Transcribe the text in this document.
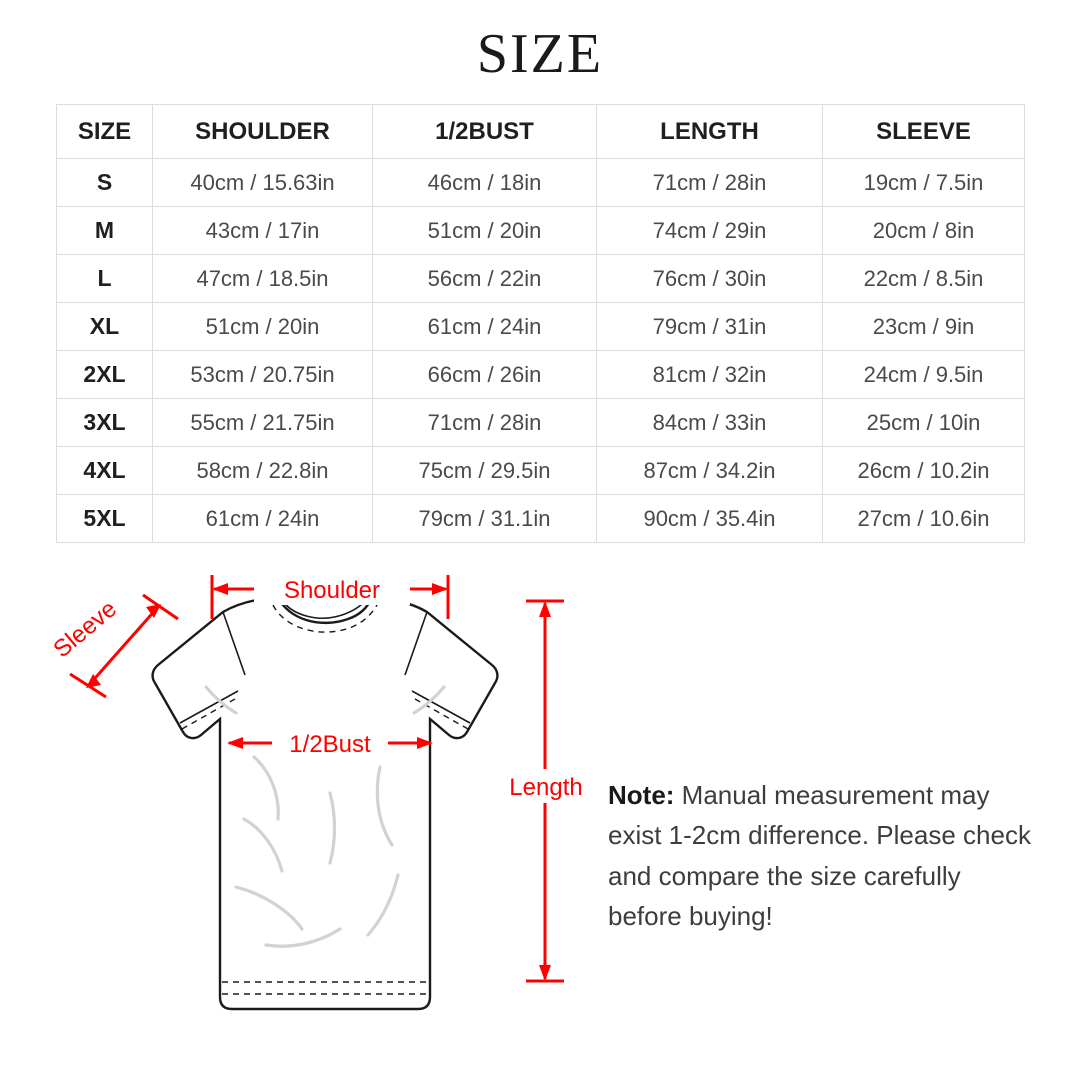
SIZE
SIZE	SHOULDER	1/2BUST	LENGTH	SLEEVE
S	40cm / 15.63in	46cm / 18in	71cm / 28in	19cm / 7.5in
M	43cm / 17in	51cm / 20in	74cm / 29in	20cm / 8in
L	47cm / 18.5in	56cm / 22in	76cm / 30in	22cm / 8.5in
XL	51cm / 20in	61cm / 24in	79cm / 31in	23cm / 9in
2XL	53cm / 20.75in	66cm / 26in	81cm / 32in	24cm / 9.5in
3XL	55cm / 21.75in	71cm / 28in	84cm / 33in	25cm / 10in
4XL	58cm / 22.8in	75cm / 29.5in	87cm / 34.2in	26cm / 10.2in
5XL	61cm / 24in	79cm / 31.1in	90cm / 35.4in	27cm / 10.6in
Shoulder
Sleeve
1/2Bust
Length Note: Manual measurement may exist 1-2cm difference. Please check and compare the size carefully before buying!
